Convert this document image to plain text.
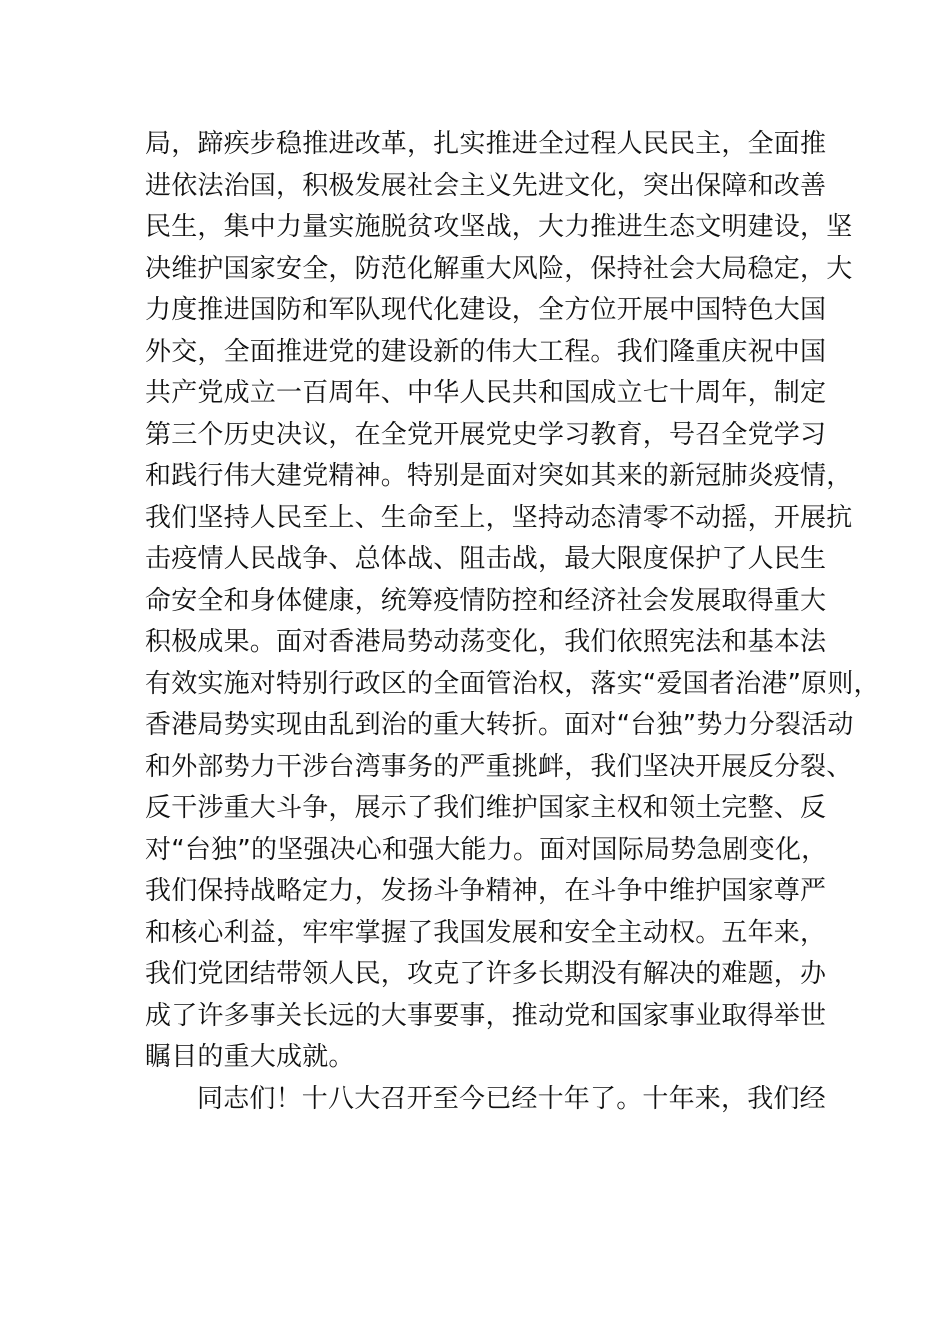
局，蹄疾步稳推进改革，扎实推进全过程人民民主，全面推
进依法治国，积极发展社会主义先进文化，突出保障和改善
民生，集中力量实施脱贫攻坚战，大力推进生态文明建设，坚
决维护国家安全，防范化解重大风险，保持社会大局稳定，大
力度推进国防和军队现代化建设，全方位开展中国特色大国
外交，全面推进党的建设新的伟大工程。我们隆重庆祝中国
共产党成立一百周年、中华人民共和国成立七十周年，制定
第三个历史决议，在全党开展党史学习教育，号召全党学习
和践行伟大建党精神。特别是面对突如其来的新冠肺炎疫情，
我们坚持人民至上、生命至上，坚持动态清零不动摇，开展抗
击疫情人民战争、总体战、阻击战，最大限度保护了人民生
命安全和身体健康，统筹疫情防控和经济社会发展取得重大
积极成果。面对香港局势动荡变化，我们依照宪法和基本法
有效实施对特别行政区的全面管治权，落实“爱国者治港”原则，
香港局势实现由乱到治的重大转折。面对“台独”势力分裂活动
和外部势力干涉台湾事务的严重挑衅，我们坚决开展反分裂、
反干涉重大斗争，展示了我们维护国家主权和领土完整、反
对“台独”的坚强决心和强大能力。面对国际局势急剧变化，
我们保持战略定力，发扬斗争精神，在斗争中维护国家尊严
和核心利益，牢牢掌握了我国发展和安全主动权。五年来，
我们党团结带领人民，攻克了许多长期没有解决的难题，办
成了许多事关长远的大事要事，推动党和国家事业取得举世
瞩目的重大成就。
同志们！十八大召开至今已经十年了。十年来，我们经
